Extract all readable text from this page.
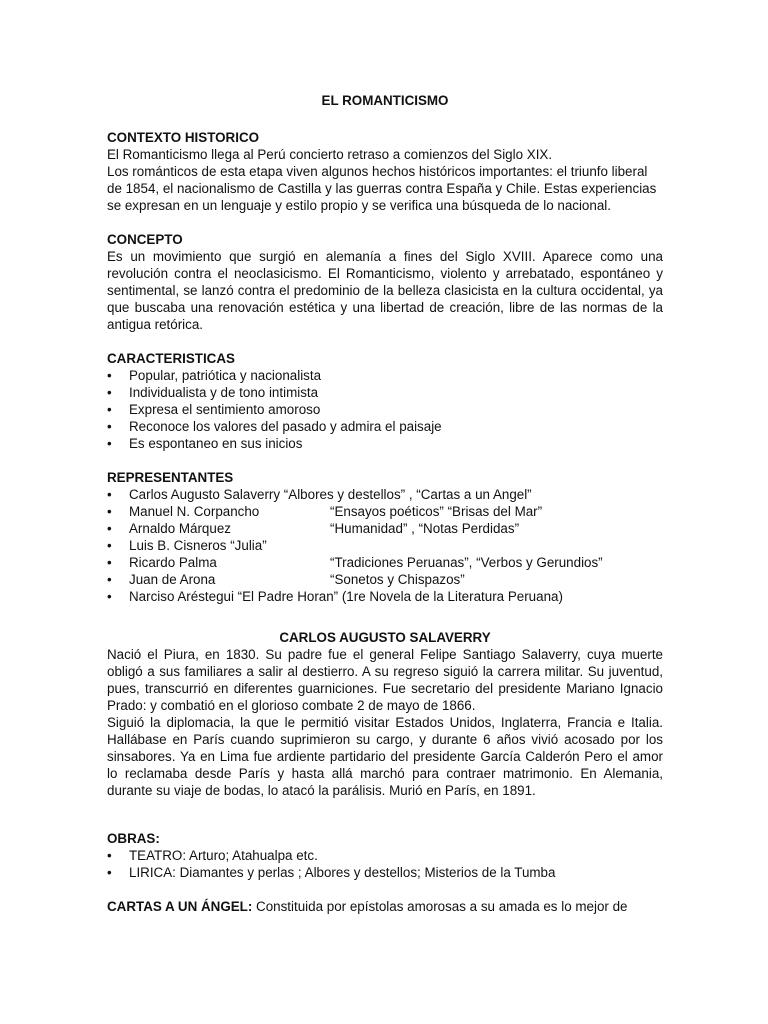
EL ROMANTICISMO

CONTEXTO HISTORICO

El Romanticismo llega al Perú concierto retraso a comienzos del Siglo XIX.

Los románticos de esta etapa viven algunos hechos históricos importantes: el triunfo liberal de 1854, el nacionalismo de Castilla y las guerras contra España y Chile. Estas experiencias se expresan en un lenguaje y estilo propio y se verifica una búsqueda de lo nacional.

CONCEPTO

Es un movimiento que surgió en alemanía a fines del Siglo XVIII. Aparece como una revolución contra el neoclasicismo. El Romanticismo, violento y arrebatado, espontáneo y sentimental, se lanzó contra el predominio de la belleza clasicista en la cultura occidental, ya que buscaba una renovación estética y una libertad de creación, libre de las normas de la antigua retórica.

CARACTERISTICAS

• Popular, patriótica y nacionalista
• Individualista y de tono intimista
• Expresa el sentimiento amoroso
• Reconoce los valores del pasado y admira el paisaje
• Es espontaneo en sus inicios

REPRESENTANTES

• Carlos Augusto Salaverry “Albores y destellos” , “Cartas a un Angel”
• Manuel N. Corpancho	“Ensayos poéticos” “Brisas del Mar”
• Arnaldo Márquez	“Humanidad” , “Notas Perdidas”
• Luis B. Cisneros “Julia”
• Ricardo Palma	“Tradiciones Peruanas”, “Verbos y Gerundios”
• Juan de Arona	“Sonetos y Chispazos”
• Narciso Aréstegui “El Padre Horan” (1re Novela de la Literatura Peruana)

CARLOS AUGUSTO SALAVERRY

Nació el Piura, en 1830. Su padre fue el general Felipe Santiago Salaverry, cuya muerte obligó a sus familiares a salir al destierro. A su regreso siguió la carrera militar. Su juventud, pues, transcurrió en diferentes guarniciones. Fue secretario del presidente Mariano Ignacio Prado: y combatió en el glorioso combate 2 de mayo de 1866.

Siguió la diplomacia, la que le permitió visitar Estados Unidos, Inglaterra, Francia e Italia. Hallábase en París cuando suprimieron su cargo, y durante 6 años vivió acosado por los sinsabores. Ya en Lima fue ardiente partidario del presidente García Calderón Pero el amor lo reclamaba desde París y hasta allá marchó para contraer matrimonio. En Alemania, durante su viaje de bodas, lo atacó la parálisis. Murió en París, en 1891.

OBRAS:

• TEATRO: Arturo; Atahualpa etc.
• LIRICA: Diamantes y perlas ; Albores y destellos; Misterios de la Tumba

CARTAS A UN ÁNGEL: Constituida por epístolas amorosas a su amada es lo mejor de
